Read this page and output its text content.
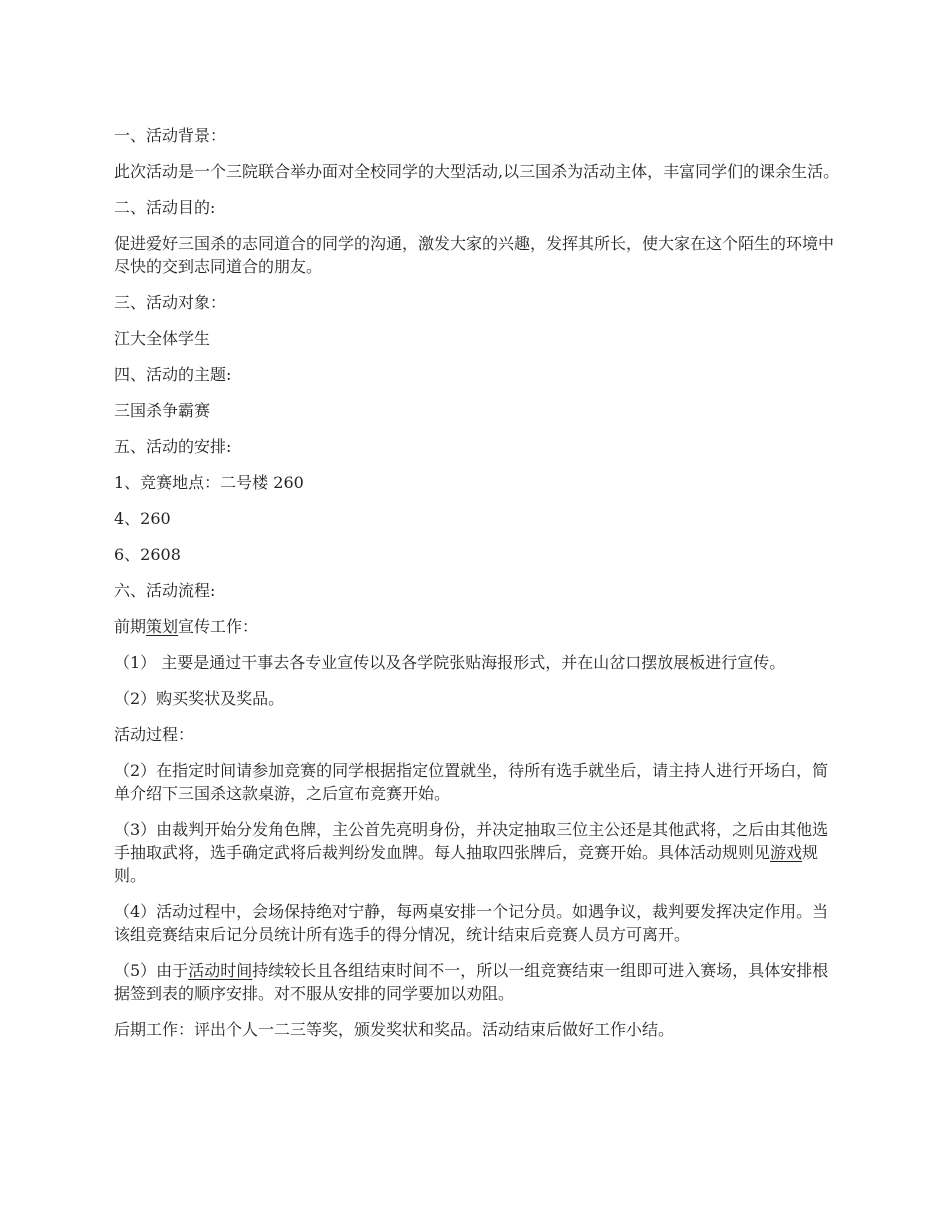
一、活动背景：

此次活动是一个三院联合举办面对全校同学的大型活动,以三国杀为活动主体，丰富同学们的课余生活。

二、活动目的:

促进爱好三国杀的志同道合的同学的沟通，激发大家的兴趣，发挥其所长，使大家在这个陌生的环境中尽快的交到志同道合的朋友。

三、活动对象：

江大全体学生

四、活动的主题:

三国杀争霸赛

五、活动的安排:

1、竞赛地点：二号楼 260

4、260

6、2608

六、活动流程:

前期策划宣传工作：

（1） 主要是通过干事去各专业宣传以及各学院张贴海报形式，并在山岔口摆放展板进行宣传。

（2）购买奖状及奖品。

活动过程：

（2）在指定时间请参加竞赛的同学根据指定位置就坐，待所有选手就坐后，请主持人进行开场白，简单介绍下三国杀这款桌游，之后宣布竞赛开始。

（3）由裁判开始分发角色牌，主公首先亮明身份，并决定抽取三位主公还是其他武将，之后由其他选手抽取武将，选手确定武将后裁判纷发血牌。每人抽取四张牌后，竞赛开始。具体活动规则见游戏规则。

（4）活动过程中，会场保持绝对宁静，每两桌安排一个记分员。如遇争议，裁判要发挥决定作用。当该组竞赛结束后记分员统计所有选手的得分情况，统计结束后竞赛人员方可离开。

（5）由于活动时间持续较长且各组结束时间不一，所以一组竞赛结束一组即可进入赛场，具体安排根据签到表的顺序安排。对不服从安排的同学要加以劝阻。

后期工作：评出个人一二三等奖，颁发奖状和奖品。活动结束后做好工作小结。
